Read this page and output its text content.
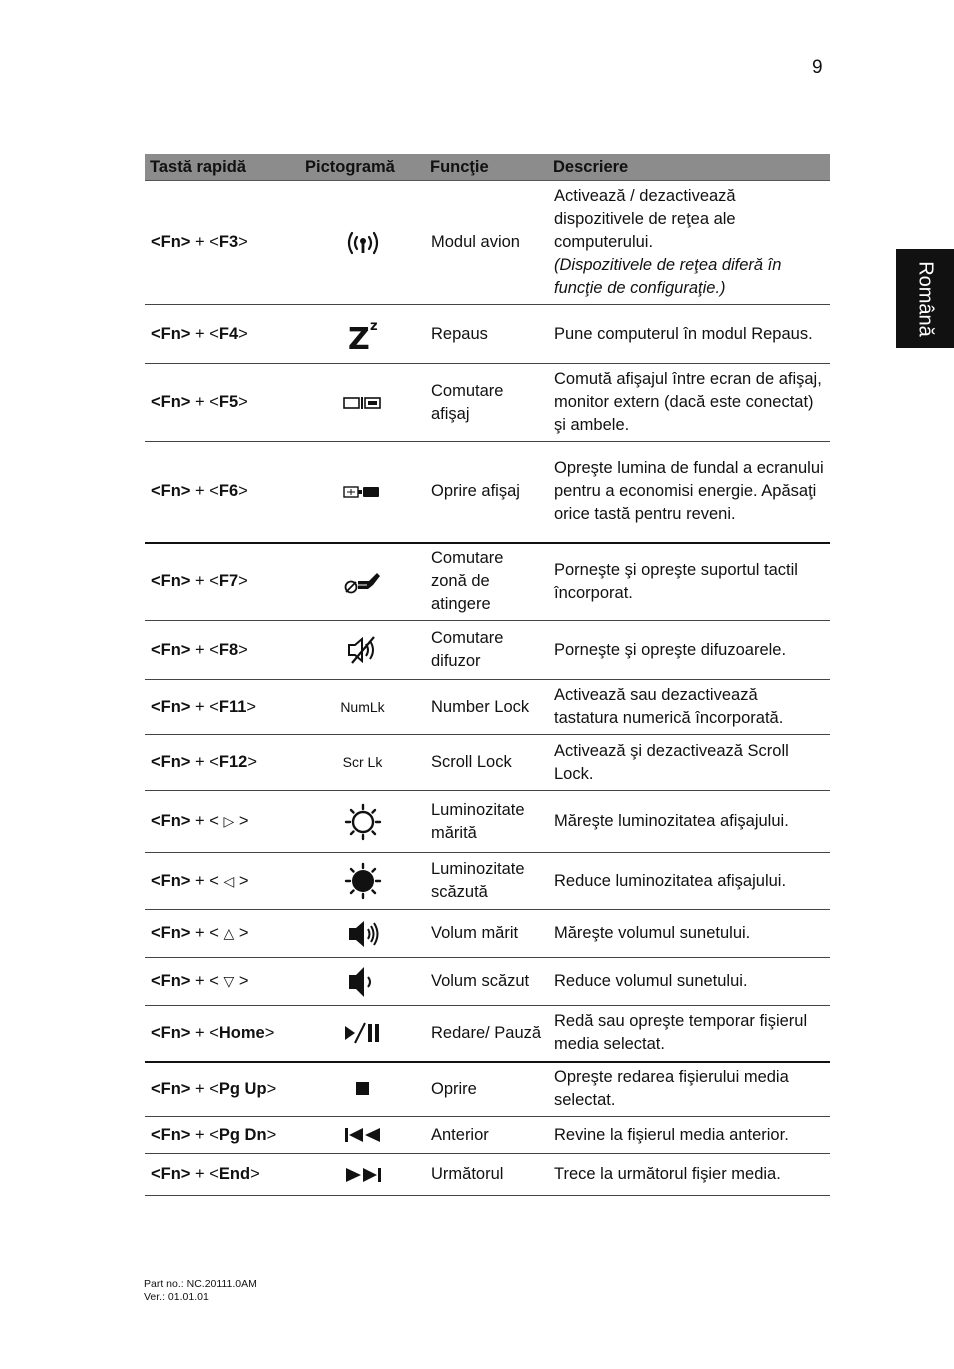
9
Română
Tastă rapidă	Pictogramă	Funcţie	Descriere
<Fn> + <F3>		Modul avion	Activează / dezactivează dispozitivele de reţea ale computerului.
(Dispozitivele de reţea diferă în funcţie de configuraţie.)
<Fn> + <F4>	Z z	Repaus	Pune computerul în modul Repaus.
<Fn> + <F5>		Comutare afişaj	Comută afişajul între ecran de afişaj, monitor extern (dacă este conectat) şi ambele.
<Fn> + <F6>		Oprire afişaj	Opreşte lumina de fundal a ecranului pentru a economisi energie. Apăsaţi orice tastă pentru reveni.
<Fn> + <F7>		Comutare zonă de atingere	Porneşte şi opreşte suportul tactil încorporat.
<Fn> + <F8>		Comutare difuzor	Porneşte şi opreşte difuzoarele.
<Fn> + <F11>	NumLk	Number Lock	Activează sau dezactivează tastatura numerică încorporată.
<Fn> + <F12>	Scr Lk	Scroll Lock	Activează şi dezactivează Scroll Lock.
<Fn> + < ▷ >		Luminozitate mărită	Măreşte luminozitatea afişajului.
<Fn> + < ◁ >		Luminozitate scăzută	Reduce luminozitatea afişajului.
<Fn> + < △ >		Volum mărit	Măreşte volumul sunetului.
<Fn> + < ▽ >		Volum scăzut	Reduce volumul sunetului.
<Fn> + <Home>		Redare/ Pauză	Redă sau opreşte temporar fişierul media selectat.
<Fn> + <Pg Up>		Oprire	Opreşte redarea fişierului media selectat.
<Fn> + <Pg Dn>		Anterior	Revine la fişierul media anterior.
<Fn> + <End>		Următorul	Trece la următorul fişier media.
Part no.: NC.20111.0AM
Ver.: 01.01.01
